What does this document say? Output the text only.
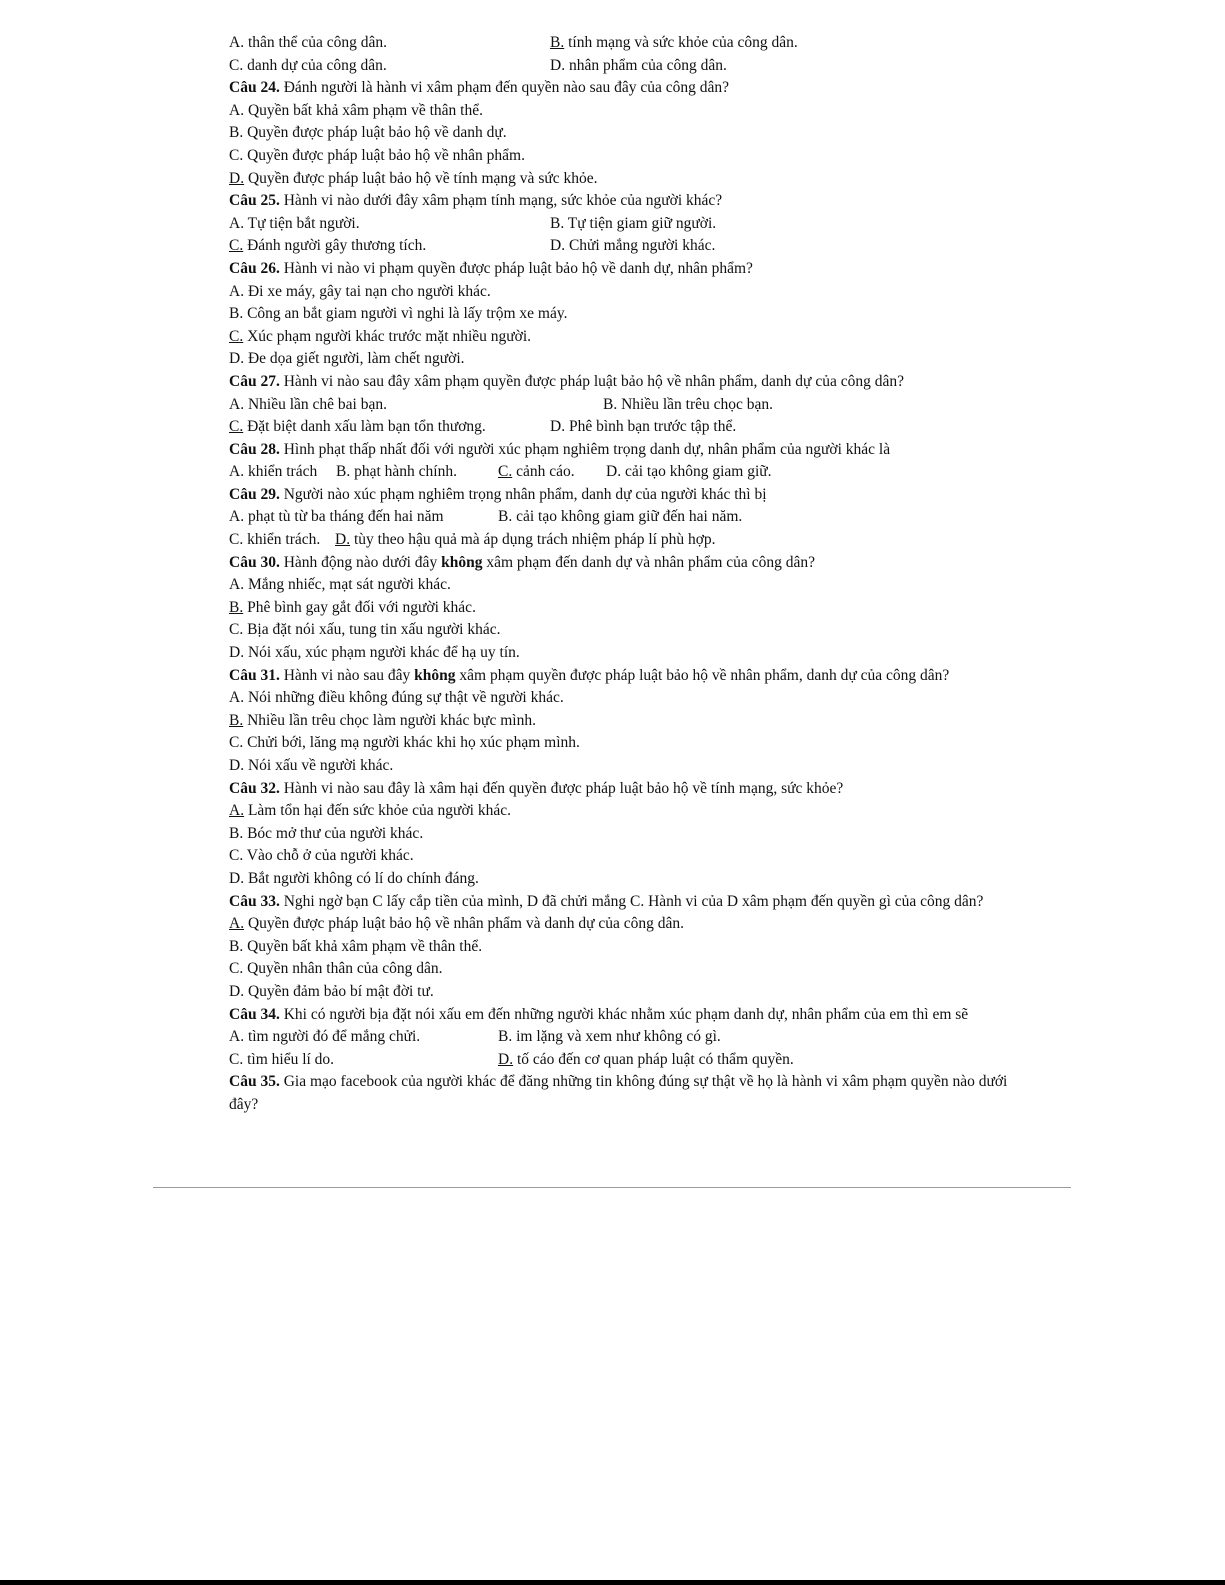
A. thân thể của công dân.	B. tính mạng và sức khỏe của công dân.
C. danh dự của công dân.	D. nhân phẩm của công dân.
Câu 24. Đánh người là hành vi xâm phạm đến quyền nào sau đây của công dân?
A. Quyền bất khả xâm phạm về thân thể.
B. Quyền được pháp luật bảo hộ về danh dự.
C. Quyền được pháp luật bảo hộ về nhân phẩm.
D. Quyền được pháp luật bảo hộ về tính mạng và sức khỏe.
Câu 25. Hành vi nào dưới đây xâm phạm tính mạng, sức khỏe của người khác?
A. Tự tiện bắt người.	B. Tự tiện giam giữ người.
C. Đánh người gây thương tích.	D. Chửi mắng người khác.
Câu 26. Hành vi nào vi phạm quyền được pháp luật bảo hộ về danh dự, nhân phẩm?
A. Đi xe máy, gây tai nạn cho người khác.
B. Công an bắt giam người vì nghi là lấy trộm xe máy.
C. Xúc phạm người khác trước mặt nhiều người.
D. Đe dọa giết người, làm chết người.
Câu 27. Hành vi nào sau đây xâm phạm quyền được pháp luật bảo hộ về nhân phẩm, danh dự của công dân?
A. Nhiều lần chê bai bạn.	B. Nhiều lần trêu chọc bạn.
C. Đặt biệt danh xấu làm bạn tổn thương.	D. Phê bình bạn trước tập thể.
Câu 28. Hình phạt thấp nhất đối với người xúc phạm nghiêm trọng danh dự, nhân phẩm của người khác là
A. khiển trách B. phạt hành chính.	C. cảnh cáo. D. cải tạo không giam giữ.
Câu 29. Người nào xúc phạm nghiêm trọng nhân phẩm, danh dự của người khác thì bị
A. phạt tù từ ba tháng đến hai năm	B. cải tạo không giam giữ đến hai năm.
C. khiển trách. D. tùy theo hậu quả mà áp dụng trách nhiệm pháp lí phù hợp.
Câu 30. Hành động nào dưới đây không xâm phạm đến danh dự và nhân phẩm của công dân?
A. Mắng nhiếc, mạt sát người khác.
B. Phê bình gay gắt đối với người khác.
C. Bịa đặt nói xấu, tung tin xấu người khác.
D. Nói xấu, xúc phạm người khác để hạ uy tín.
Câu 31. Hành vi nào sau đây không xâm phạm quyền được pháp luật bảo hộ về nhân phẩm, danh dự của công dân?
A. Nói những điều không đúng sự thật về người khác.
B. Nhiều lần trêu chọc làm người khác bực mình.
C. Chửi bới, lăng mạ người khác khi họ xúc phạm mình.
D. Nói xấu về người khác.
Câu 32. Hành vi nào sau đây là xâm hại đến quyền được pháp luật bảo hộ về tính mạng, sức khỏe?
A. Làm tổn hại đến sức khỏe của người khác.
B. Bóc mở thư của người khác.
C. Vào chỗ ở của người khác.
D. Bắt người không có lí do chính đáng.
Câu 33. Nghi ngờ bạn C lấy cắp tiền của mình, D đã chửi mắng C. Hành vi của D xâm phạm đến quyền gì của công dân?
A. Quyền được pháp luật bảo hộ về nhân phẩm và danh dự của công dân.
B. Quyền bất khả xâm phạm về thân thể.
C. Quyền nhân thân của công dân.
D. Quyền đảm bảo bí mật đời tư.
Câu 34. Khi có người bịa đặt nói xấu em đến những người khác nhằm xúc phạm danh dự, nhân phẩm của em thì em sẽ
A. tìm người đó để mắng chửi.	B. im lặng và xem như không có gì.
C. tìm hiểu lí do.	D. tố cáo đến cơ quan pháp luật có thẩm quyền.
Câu 35. Gia mạo facebook của người khác để đăng những tin không đúng sự thật về họ là hành vi xâm phạm quyền nào dưới đây?
